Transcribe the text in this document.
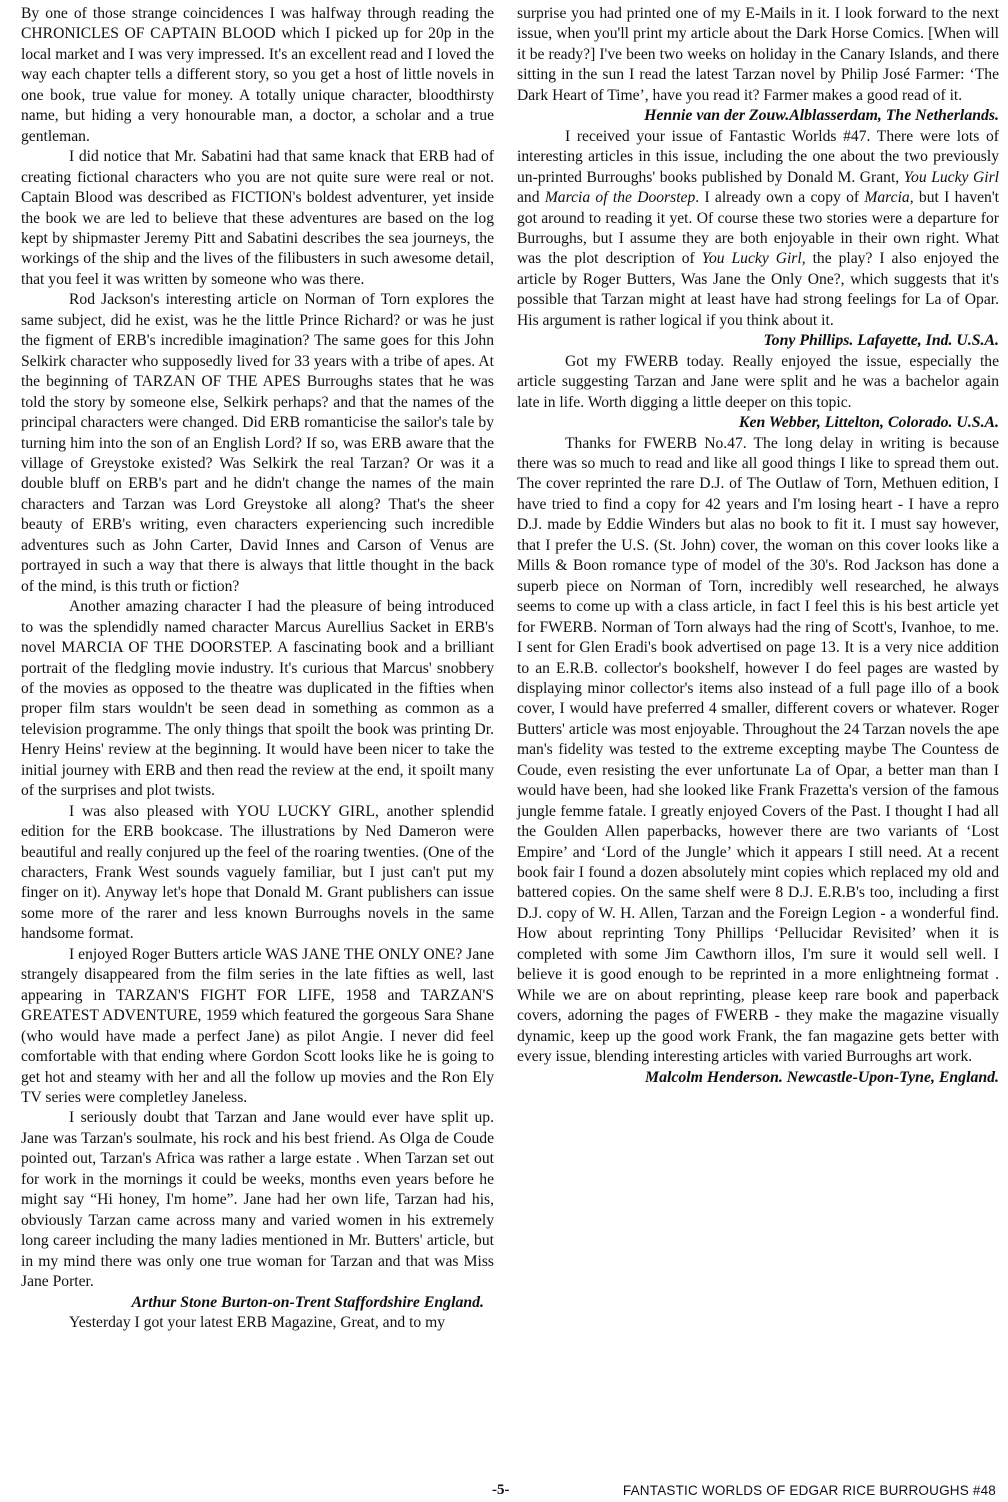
By one of those strange coincidences I was halfway through reading the CHRONICLES OF CAPTAIN BLOOD which I picked up for 20p in the local market and I was very impressed. It's an excellent read and I loved the way each chapter tells a different story, so you get a host of little novels in one book, true value for money. A totally unique character, bloodthirsty name, but hiding a very honourable man, a doctor, a scholar and a true gentleman.

I did notice that Mr. Sabatini had that same knack that ERB had of creating fictional characters who you are not quite sure were real or not. Captain Blood was described as FICTION's boldest adventurer, yet inside the book we are led to believe that these adventures are based on the log kept by shipmaster Jeremy Pitt and Sabatini describes the sea journeys, the workings of the ship and the lives of the filibusters in such awesome detail, that you feel it was written by someone who was there.

Rod Jackson's interesting article on Norman of Torn explores the same subject, did he exist, was he the little Prince Richard? or was he just the figment of ERB's incredible imagination? The same goes for this John Selkirk character who supposedly lived for 33 years with a tribe of apes. At the beginning of TARZAN OF THE APES Burroughs states that he was told the story by someone else, Selkirk perhaps? and that the names of the principal characters were changed. Did ERB romanticise the sailor's tale by turning him into the son of an English Lord? If so, was ERB aware that the village of Greystoke existed? Was Selkirk the real Tarzan? Or was it a double bluff on ERB's part and he didn't change the names of the main characters and Tarzan was Lord Greystoke all along? That's the sheer beauty of ERB's writing, even characters experiencing such incredible adventures such as John Carter, David Innes and Carson of Venus are portrayed in such a way that there is always that little thought in the back of the mind, is this truth or fiction?

Another amazing character I had the pleasure of being introduced to was the splendidly named character Marcus Aurellius Sacket in ERB's novel MARCIA OF THE DOORSTEP. A fascinating book and a brilliant portrait of the fledgling movie industry. It's curious that Marcus' snobbery of the movies as opposed to the theatre was duplicated in the fifties when proper film stars wouldn't be seen dead in something as common as a television programme. The only things that spoilt the book was printing Dr. Henry Heins' review at the beginning. It would have been nicer to take the initial journey with ERB and then read the review at the end, it spoilt many of the surprises and plot twists.

I was also pleased with YOU LUCKY GIRL, another splendid edition for the ERB bookcase. The illustrations by Ned Dameron were beautiful and really conjured up the feel of the roaring twenties. (One of the characters, Frank West sounds vaguely familiar, but I just can't put my finger on it). Anyway let's hope that Donald M. Grant publishers can issue some more of the rarer and less known Burroughs novels in the same handsome format.

I enjoyed Roger Butters article WAS JANE THE ONLY ONE? Jane strangely disappeared from the film series in the late fifties as well, last appearing in TARZAN'S FIGHT FOR LIFE, 1958 and TARZAN'S GREATEST ADVENTURE, 1959 which featured the gorgeous Sara Shane (who would have made a perfect Jane) as pilot Angie. I never did feel comfortable with that ending where Gordon Scott looks like he is going to get hot and steamy with her and all the follow up movies and the Ron Ely TV series were completley Janeless.

I seriously doubt that Tarzan and Jane would ever have split up. Jane was Tarzan's soulmate, his rock and his best friend. As Olga de Coude pointed out, Tarzan's Africa was rather a large estate . When Tarzan set out for work in the mornings it could be weeks, months even years before he might say “Hi honey, I'm home”. Jane had her own life, Tarzan had his, obviously Tarzan came across many and varied women in his extremely long career including the many ladies mentioned in Mr. Butters' article, but in my mind there was only one true woman for Tarzan and that was Miss Jane Porter.

Arthur Stone Burton-on-Trent Staffordshire England.

Yesterday I got your latest ERB Magazine, Great, and to my

surprise you had printed one of my E-Mails in it. I look forward to the next issue, when you'll print my article about the Dark Horse Comics. [When will it be ready?] I've been two weeks on holiday in the Canary Islands, and there sitting in the sun I read the latest Tarzan novel by Philip José Farmer: ‘The Dark Heart of Time’, have you read it? Farmer makes a good read of it.

Hennie van der Zouw.Alblasserdam, The Netherlands.

I received your issue of Fantastic Worlds #47. There were lots of interesting articles in this issue, including the one about the two previously un-printed Burroughs' books published by Donald M. Grant, You Lucky Girl and Marcia of the Doorstep. I already own a copy of Marcia, but I haven't got around to reading it yet. Of course these two stories were a departure for Burroughs, but I assume they are both enjoyable in their own right. What was the plot description of You Lucky Girl, the play? I also enjoyed the article by Roger Butters, Was Jane the Only One?, which suggests that it's possible that Tarzan might at least have had strong feelings for La of Opar. His argument is rather logical if you think about it.

Tony Phillips. Lafayette, Ind. U.S.A.

Got my FWERB today. Really enjoyed the issue, especially the article suggesting Tarzan and Jane were split and he was a bachelor again late in life. Worth digging a little deeper on this topic.

Ken Webber, Littelton, Colorado. U.S.A.

Thanks for FWERB No.47. The long delay in writing is because there was so much to read and like all good things I like to spread them out. The cover reprinted the rare D.J. of The Outlaw of Torn, Methuen edition, I have tried to find a copy for 42 years and I'm losing heart - I have a repro D.J. made by Eddie Winders but alas no book to fit it. I must say however, that I prefer the U.S. (St. John) cover, the woman on this cover looks like a Mills & Boon romance type of model of the 30's. Rod Jackson has done a superb piece on Norman of Torn, incredibly well researched, he always seems to come up with a class article, in fact I feel this is his best article yet for FWERB. Norman of Torn always had the ring of Scott's, Ivanhoe, to me. I sent for Glen Eradi's book advertised on page 13. It is a very nice addition to an E.R.B. collector's bookshelf, however I do feel pages are wasted by displaying minor collector's items also instead of a full page illo of a book cover, I would have preferred 4 smaller, different covers or whatever. Roger Butters' article was most enjoyable. Throughout the 24 Tarzan novels the ape man's fidelity was tested to the extreme excepting maybe The Countess de Coude, even resisting the ever unfortunate La of Opar, a better man than I would have been, had she looked like Frank Frazetta's version of the famous jungle femme fatale. I greatly enjoyed Covers of the Past. I thought I had all the Goulden Allen paperbacks, however there are two variants of ‘Lost Empire’ and ‘Lord of the Jungle’ which it appears I still need. At a recent book fair I found a dozen absolutely mint copies which replaced my old and battered copies. On the same shelf were 8 D.J. E.R.B's too, including a first D.J. copy of W. H. Allen, Tarzan and the Foreign Legion - a wonderful find. How about reprinting Tony Phillips ‘Pellucidar Revisited’ when it is completed with some Jim Cawthorn illos, I'm sure it would sell well. I believe it is good enough to be reprinted in a more enlightneing format . While we are on about reprinting, please keep rare book and paperback covers, adorning the pages of FWERB - they make the magazine visually dynamic, keep up the good work Frank, the fan magazine gets better with every issue, blending interesting articles with varied Burroughs art work.

Malcolm Henderson. Newcastle-Upon-Tyne, England.

-5-	FANTASTIC WORLDS OF EDGAR RICE BURROUGHS #48
